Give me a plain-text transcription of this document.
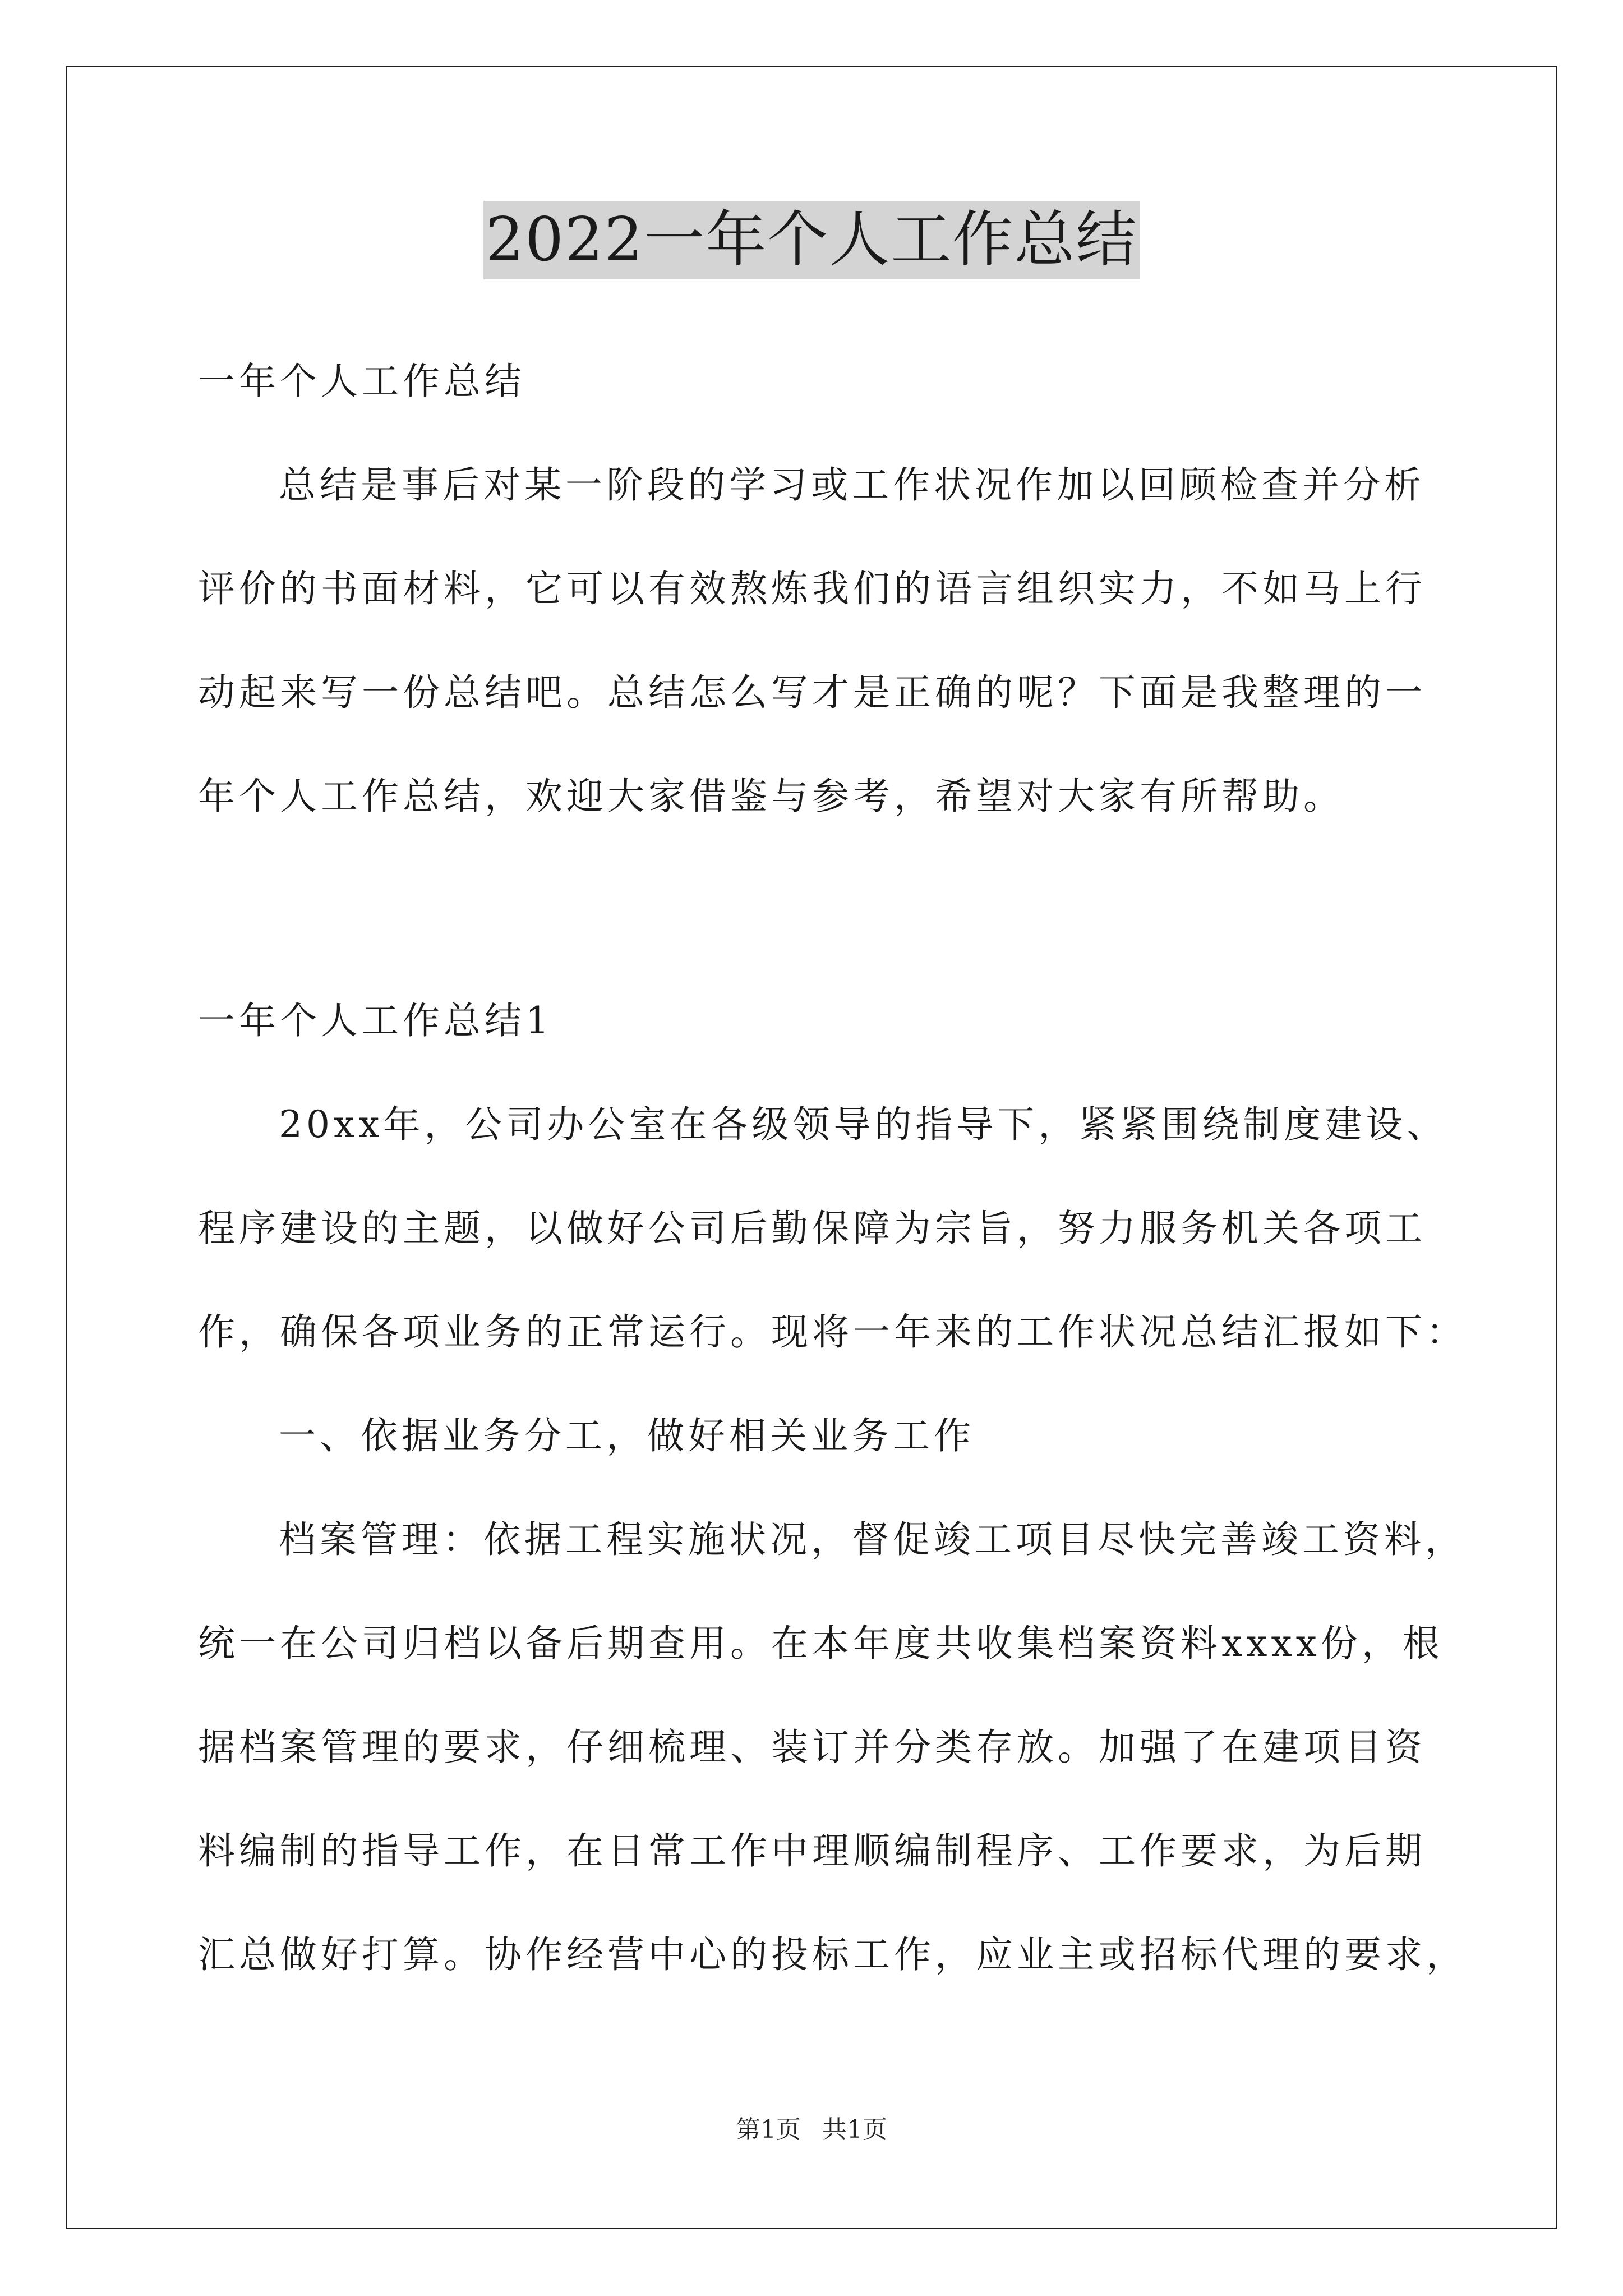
2022一年个人工作总结
一年个人工作总结
总结是事后对某一阶段的学习或工作状况作加以回顾检查并分析
评价的书面材料，它可以有效熬炼我们的语言组织实力，不如马上行
动起来写一份总结吧。总结怎么写才是正确的呢？下面是我整理的一
年个人工作总结，欢迎大家借鉴与参考，希望对大家有所帮助。
一年个人工作总结1
20xx年，公司办公室在各级领导的指导下，紧紧围绕制度建设、
程序建设的主题，以做好公司后勤保障为宗旨，努力服务机关各项工
作，确保各项业务的正常运行。现将一年来的工作状况总结汇报如下：
一、依据业务分工，做好相关业务工作
档案管理：依据工程实施状况，督促竣工项目尽快完善竣工资料，
统一在公司归档以备后期查用。在本年度共收集档案资料xxxx份，根
据档案管理的要求，仔细梳理、装订并分类存放。加强了在建项目资
料编制的指导工作，在日常工作中理顺编制程序、工作要求，为后期
汇总做好打算。协作经营中心的投标工作，应业主或招标代理的要求，
第1页 共1页
